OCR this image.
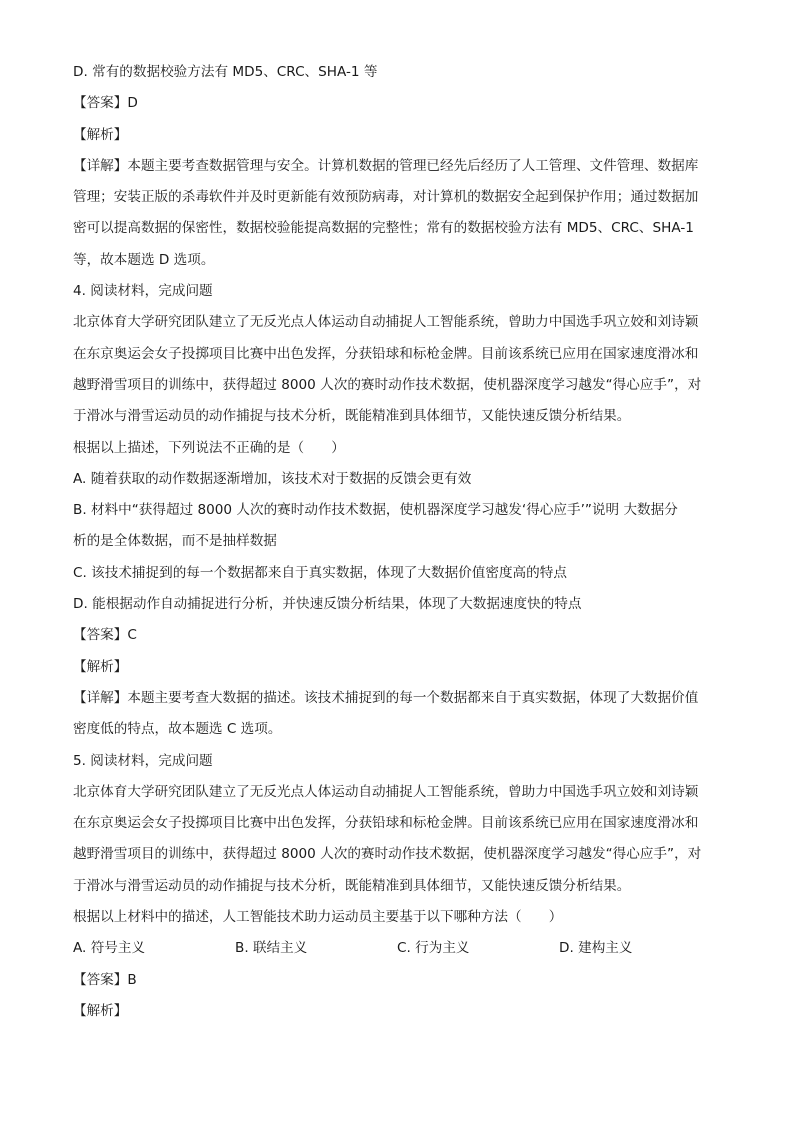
D. 常有的数据校验方法有 MD5、CRC、SHA-1 等
【答案】D
【解析】
【详解】本题主要考查数据管理与安全。计算机数据的管理已经先后经历了人工管理、文件管理、数据库
管理；安装正版的杀毒软件并及时更新能有效预防病毒，对计算机的数据安全起到保护作用；通过数据加
密可以提高数据的保密性，数据校验能提高数据的完整性；常有的数据校验方法有 MD5、CRC、SHA-1
等，故本题选 D 选项。
4. 阅读材料，完成问题
北京体育大学研究团队建立了无反光点人体运动自动捕捉人工智能系统，曾助力中国选手巩立姣和刘诗颖
在东京奥运会女子投掷项目比赛中出色发挥，分获铅球和标枪金牌。目前该系统已应用在国家速度滑冰和
越野滑雪项目的训练中，获得超过 8000 人次的赛时动作技术数据，使机器深度学习越发“得心应手”，对
于滑冰与滑雪运动员的动作捕捉与技术分析，既能精准到具体细节，又能快速反馈分析结果。
根据以上描述，下列说法不正确的是（　　）
A. 随着获取的动作数据逐渐增加，该技术对于数据的反馈会更有效
B. 材料中“获得超过 8000 人次的赛时动作技术数据，使机器深度学习越发‘得心应手’”说明 大数据分
析的是全体数据，而不是抽样数据
C. 该技术捕捉到的每一个数据都来自于真实数据，体现了大数据价值密度高的特点
D. 能根据动作自动捕捉进行分析，并快速反馈分析结果，体现了大数据速度快的特点
【答案】C
【解析】
【详解】本题主要考查大数据的描述。该技术捕捉到的每一个数据都来自于真实数据，体现了大数据价值
密度低的特点，故本题选 C 选项。
5. 阅读材料，完成问题
北京体育大学研究团队建立了无反光点人体运动自动捕捉人工智能系统，曾助力中国选手巩立姣和刘诗颖
在东京奥运会女子投掷项目比赛中出色发挥，分获铅球和标枪金牌。目前该系统已应用在国家速度滑冰和
越野滑雪项目的训练中，获得超过 8000 人次的赛时动作技术数据，使机器深度学习越发“得心应手”，对
于滑冰与滑雪运动员的动作捕捉与技术分析，既能精准到具体细节，又能快速反馈分析结果。
根据以上材料中的描述，人工智能技术助力运动员主要基于以下哪种方法（　　）
A. 符号主义	B. 联结主义	C. 行为主义	D. 建构主义
【答案】B
【解析】
